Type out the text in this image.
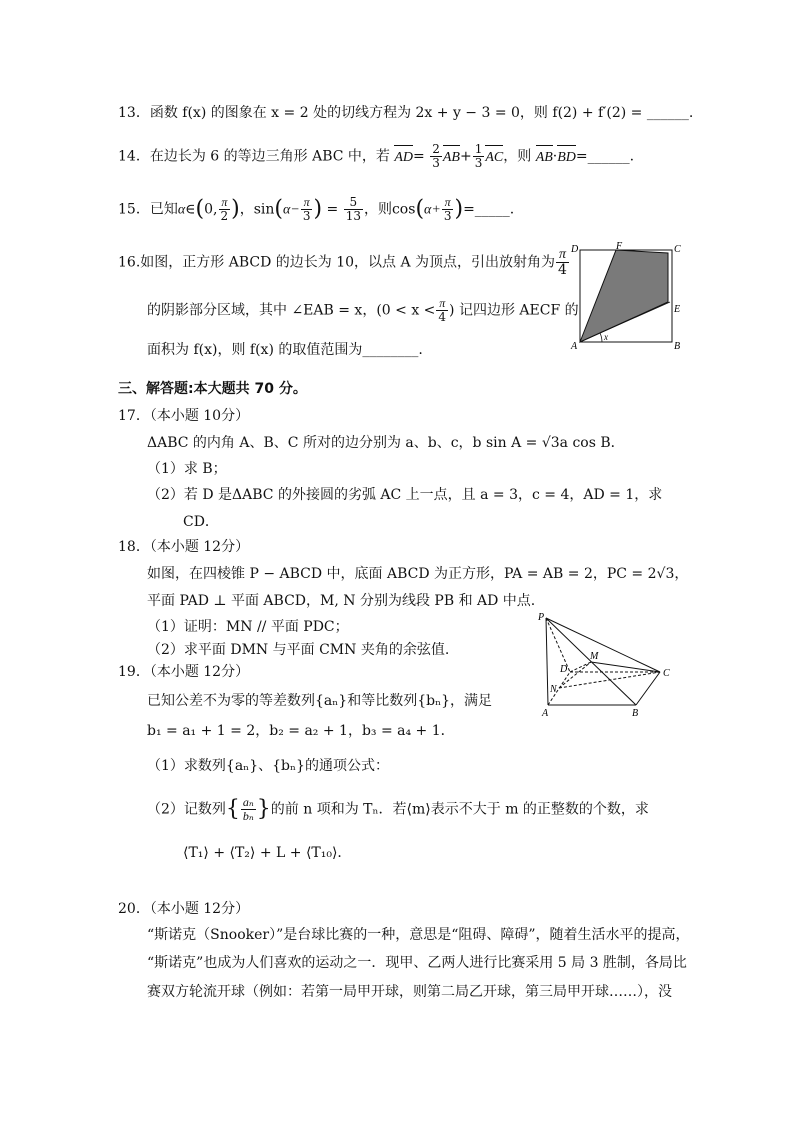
13．函数 f(x) 的图象在 x = 2 处的切线方程为 2x + y − 3 = 0，则 f(2) + f′(2) = ______.
14．在边长为 6 的等边三角形 ABC 中，若 $AD= \frac{2}{3} AB+ \frac{1}{3}$ AC，则 AB·BD=______.
15．已知α∈(0, $\frac{\pi}{2}$ )，$\sin(\alpha- \frac{\pi}{3}$ ) = $\frac{5}{13}$ ，则$\cos(\alpha+ \frac{\pi}{3}$ )=_____.
16.如图，正方形 ABCD 的边长为 10，以点 A 为顶点，引出放射角为 $\frac{\pi}{4}$
的阴影部分区域，其中 ∠EAB = x，($0 < x < \frac{\pi}{4}$ ) 记四边形 AECF 的
面积为 f(x)，则 f(x) 的取值范围为________.	A	B
C
D
E
F
x
三、解答题:本大题共 70 分。
17．（本小题 10分）
ΔABC 的内角 A、B、C 所对的边分别为 a、b、c，b sin A = √3a cos B．
（1）求 B；
（2）若 D 是ΔABC 的外接圆的劣弧 AC 上一点，且 a = 3，c = 4，AD = 1，求
CD．
18．（本小题 12分）
如图，在四棱锥 P − ABCD 中，底面 ABCD 为正方形，PA = AB = 2，PC = 2√3，
平面 PAD ⊥ 平面 ABCD，M, N 分别为线段 PB 和 AD 中点.
（1）证明：MN // 平面 PDC；
（2）求平面 DMN 与平面 CMN 夹角的余弦值.
P
A	B
C
D
M
N
19．（本小题 12分）
已知公差不为零的等差数列{aₙ}和等比数列{bₙ}，满足
b₁ = a₁ + 1 = 2，b₂ = a₂ + 1，b₃ = a₄ + 1．
（1）求数列{aₙ}、{bₙ}的通项公式：
（2）记数列{ $\frac{\text{aₙ}}{\text{bₙ}}$ }的前 n 项和为 Tₙ．若⟨m⟩表示不大于 m 的正整数的个数，求
⟨T₁⟩ + ⟨T₂⟩ + L + ⟨T₁₀⟩．
20．（本小题 12分）
“斯诺克（Snooker）”是台球比赛的一种，意思是“阻碍、障碍”，随着生活水平的提高，
“斯诺克”也成为人们喜欢的运动之一．现甲、乙两人进行比赛采用 5 局 3 胜制，各局比
赛双方轮流开球（例如：若第一局甲开球，则第二局乙开球，第三局甲开球……），没
